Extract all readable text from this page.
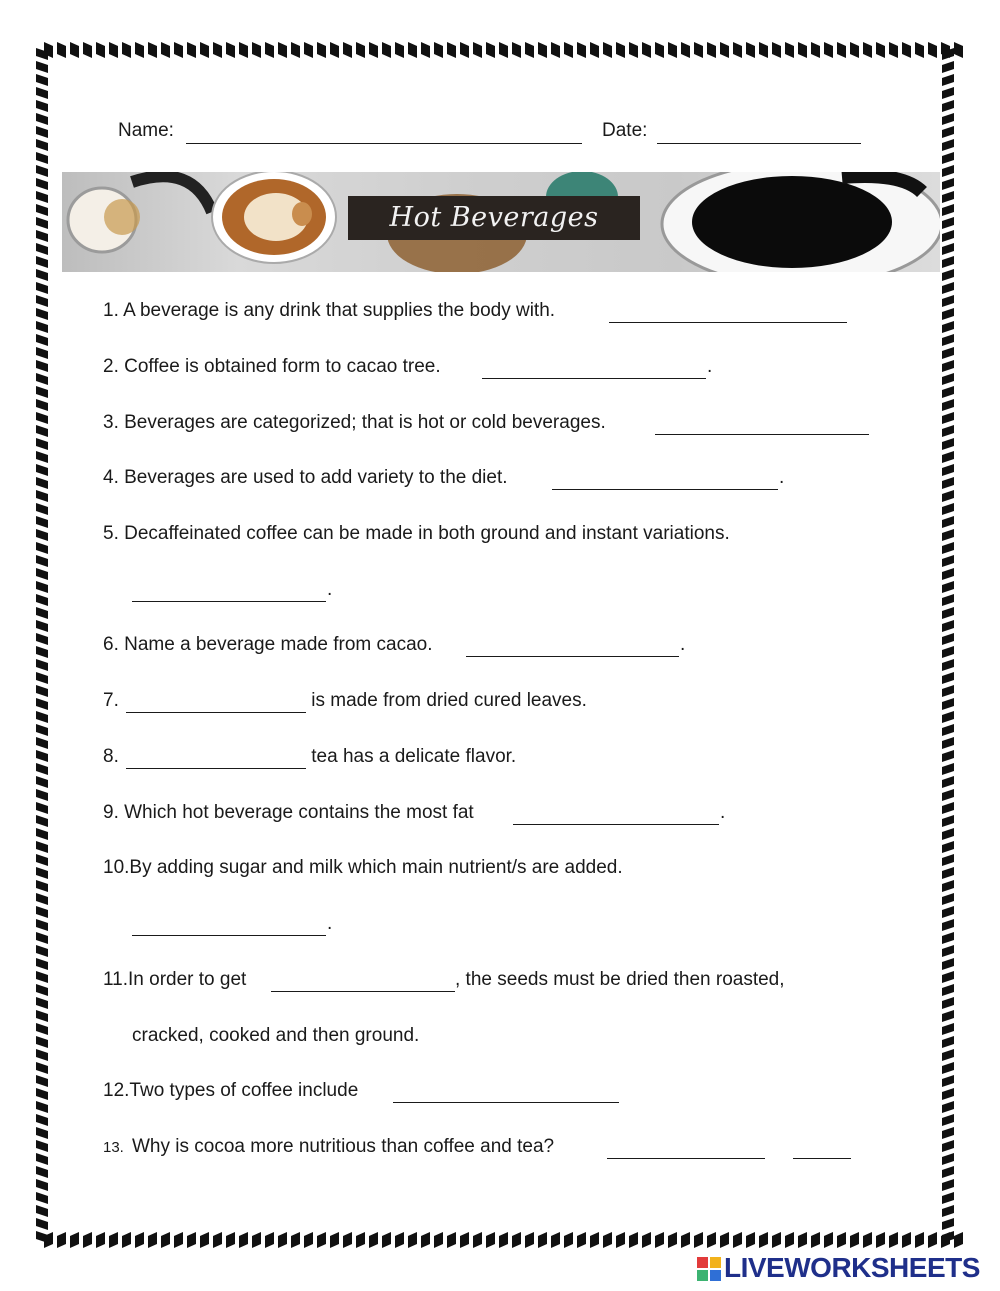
Name:	Date:
Hot Beverages
1. A beverage is any drink that supplies the body with.
2. Coffee is obtained form to cacao tree.	.
3. Beverages are categorized; that is hot or cold beverages.
4. Beverages are used to add variety to the diet.	.
5. Decaffeinated coffee can be made in both ground and instant variations.
.
6. Name a beverage made from cacao.	.
7.	is made from dried cured leaves.
8.	tea has a delicate flavor.
9. Which hot beverage contains the most fat	.
10.By adding sugar and milk which main nutrient/s are added.
.
11.In order to get	, the seeds must be dried then roasted,
cracked, cooked and then ground.
12.Two types of coffee include
13. Why is cocoa more nutritious than coffee and tea?
LIVEWORKSHEETS
